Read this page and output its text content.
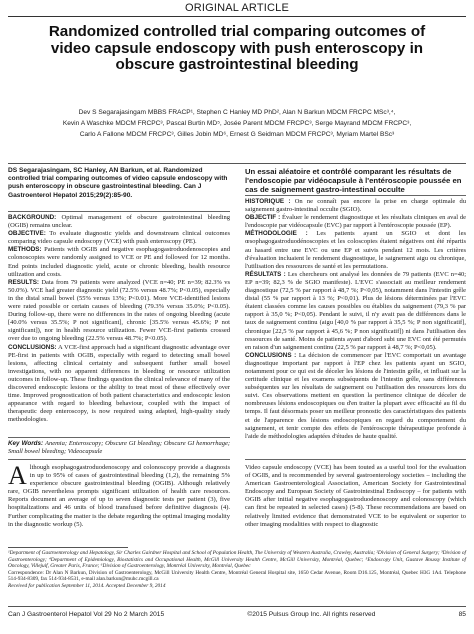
ORIGINAL ARTICLE
Randomized controlled trial comparing outcomes of
video capsule endoscopy with push enteroscopy in
obscure gastrointestinal bleeding
Dev S Segarajasingam MBBS FRACP¹, Stephen C Hanley MD PhD², Alan N Barkun MDCM FRCPC MSc³,⁴,
Kevin A Waschke MDCM FRCPC³, Pascal Burtin MD⁵, Josée Parent MDCM FRCPC³, Serge Mayrand MDCM FRCPC³,
Carlo A Fallone MDCM FRCPC³, Gilles Jobin MD⁶, Ernest G Seidman MDCM FRCPC³, Myriam Martel BSc³
DS Segarajasingam, SC Hanley, AN Barkun, et al. Randomized controlled trial comparing outcomes of video capsule endoscopy with push enteroscopy in obscure gastrointestinal bleeding. Can J Gastroenterol Hepatol 2015;29(2):85-90.

BACKGROUND: Optimal management of obscure gastrointestinal bleeding (OGIB) remains unclear.

OBJECTIVE: To evaluate diagnostic yields and downstream clinical outcomes comparing video capsule endoscopy (VCE) with push enteroscopy (PE).

METHODS: Patients with OGIB and negative esophagogastroduodenoscopies and colonoscopies were randomly assigned to VCE or PE and followed for 12 months. End points included diagnostic yield, acute or chronic bleeding, health resource utilization and costs.

RESULTS: Data from 79 patients were analyzed (VCE n=40; PE n=39; 82.3% vs 50.0%). VCE had greater diagnostic yield (72.5% versus 48.7%; P<0.05), especially in the distal small bowel (55% versus 13%; P<0.01). More VCE-identified lesions were rated possible or certain causes of bleeding (79.3% versus 35.0%; P<0.05). During follow-up, there were no differences in the rates of ongoing bleeding (acute [40.0% versus 35.5%; P not significant], chronic [35.5% versus 45.6%; P not significant]), nor in health resource utilization. Fewer VCE-first patients crossed over due to ongoing bleeding (22.5% versus 48.7%; P<0.05).

CONCLUSIONS: A VCE-first approach had a significant diagnostic advantage over PE-first in patients with OGIB, especially with regard to detecting small bowel lesions, affecting clinical certainty and subsequent further small bowel investigations, with no apparent differences in bleeding or resource utilization outcomes in follow-up. These findings question the clinical relevance of many of the discovered endoscopic lesions or the ability to treat most of these effectively over time. Improved prognostication of both patient characteristics and endoscopic lesion appearance with regard to bleeding behaviour, coupled with the impact of therapeutic deep enteroscopy, is now required using adapted, high-quality study methodologies.

Key Words: Anemia; Enteroscopy; Obscure GI bleeding; Obscure GI hemorrhage; Small bowel bleeding; Videocapsule
Although esophagogastroduodenoscopy and colonoscopy provide a diagnosis in up to 95% of cases of gastrointestinal bleeding (1,2), the remaining 5% experience obscure gastrointestinal bleeding (OGIB). Although relatively rare, OGIB nevertheless prompts significant utilization of health care resources. Reports document an average of up to seven diagnostic tests per patient (3), five hospitalizations and 46 units of blood transfused before definitive diagnosis (4). Further complicating the matter is the debate regarding the optimal imaging modality in the diagnostic workup (5).
Un essai aléatoire et contrôlé comparant les résultats de l'endoscopie par vidéocapsule à l'entéroscopie poussée en cas de saignement gastro-intestinal occulte

HISTORIQUE : On ne connaît pas encore la prise en charge optimale du saignement gastro-intestinal occulte (SGIO).

OBJECTIF : Évaluer le rendement diagnostique et les résultats cliniques en aval de l'endoscopie par vidéocapsule (EVC) par rapport à l'entéroscopie poussée (EP).

MÉTHODOLOGIE : Les patients ayant un SGIO et dont les œsophagogastroduodénoscopies et les coloscopies étaient négatives ont été répartis au hasard entre une EVC ou une EP et suivis pendant 12 mois. Les critères d'évaluation incluaient le rendement diagnostique, le saignement aigu ou chronique, l'utilisation des ressources de santé et les permutations.

RÉSULTATS : Les chercheurs ont analysé les données de 79 patients (EVC n=40; EP n=39; 82,3 % de SGIO manifeste). L'EVC s'associait au meilleur rendement diagnostique (72,5 % par rapport à 48,7 %; P<0,05), notamment dans l'intestin grêle distal (55 % par rapport à 13 %; P<0,01). Plus de lésions déterminées par l'EVC étaient classées comme les causes possibles ou établies du saignement (79,3 % par rapport à 35,0 %; P<0,05). Pendant le suivi, il n'y avait pas de différences dans le taux de saignement continu (aigu [40,0 % par rapport à 35,5 %; P non significatif], chronique [22,5 % par rapport à 45,6 %; P non significatif]) ni dans l'utilisation des ressources de santé. Moins de patients ayant d'abord subi une EVC ont été permutés en raison d'un saignement continu (22,5 % par rapport à 48,7 %; P<0,05).

CONCLUSIONS : La décision de commencer par l'EVC comportait un avantage diagnostique important par rapport à l'EP chez les patients ayant un SGIO, notamment pour ce qui est de déceler les lésions de l'intestin grêle, et influait sur la certitude clinique et les examens subséquents de l'intestin grêle, sans différences subséquentes sur les résultats de saignement ou l'utilisation des ressources lors du suivi. Ces observations mettent en question la pertinence clinique de déceler de nombreuses lésions endoscopiques ou d'en traiter la plupart avec efficacité au fil du temps. Il faut désormais poser un meilleur pronostic des caractéristiques des patients et de l'apparence des lésions endoscopiques en regard du comportement du saignement, et tenir compte des effets de l'entéroscopie thérapeutique profonde à l'aide de méthodologies adaptées d'études de haute qualité.

Video capsule endoscopy (VCE) has been touted as a useful tool for the evaluation of OGIB, and is recommended by several gastroenterology societies – including the American Gastroenterological Association, American Society for Gastrointestinal Endoscopy and European Society of Gastrointestinal Endoscopy – for patients with OGIB after initial negative esophagogastroduodenoscopy and colonoscopy (which can first be repeated in selected cases) (5-8). These recommendations are based on relatively limited evidence that demonstrated VCE to be equivalent or superior to other imaging modalities with respect to diagnostic
¹Department of Gastroenterology and Hepatology, Sir Charles Gairdner Hospital and School of Population Health, The University of Western Australia, Crawley, Australia; ²Division of General Surgery; ³Division of Gastroenterology; ⁴Department of Epidemiology, Biostatistics and Occupational Health, McGill University Health Centre, McGill University, Montréal, Quebec; ⁵Endoscopy Unit, Gustave Roussy Institute of Oncology, Villejuif, Greater Paris, France; ⁶Division of Gastroenterology, Montréal University, Montréal, Quebec
Correspondence: Dr Alan N Barkun, Division of Gastroenterology, McGill University Health Centre, Montréal General Hospital site, 1650 Cedar Avenue, Room D16.125, Montréal, Quebec H3G 1A4. Telephone 514-934-8309, fax 514-934-8531, e-mail alan.barkun@muhc.mcgill.ca
Received for publication September 11, 2014. Accepted December 9, 2014
Can J Gastroenterol Hepatol Vol 29 No 2 March 2015	©2015 Pulsus Group Inc. All rights reserved	85
